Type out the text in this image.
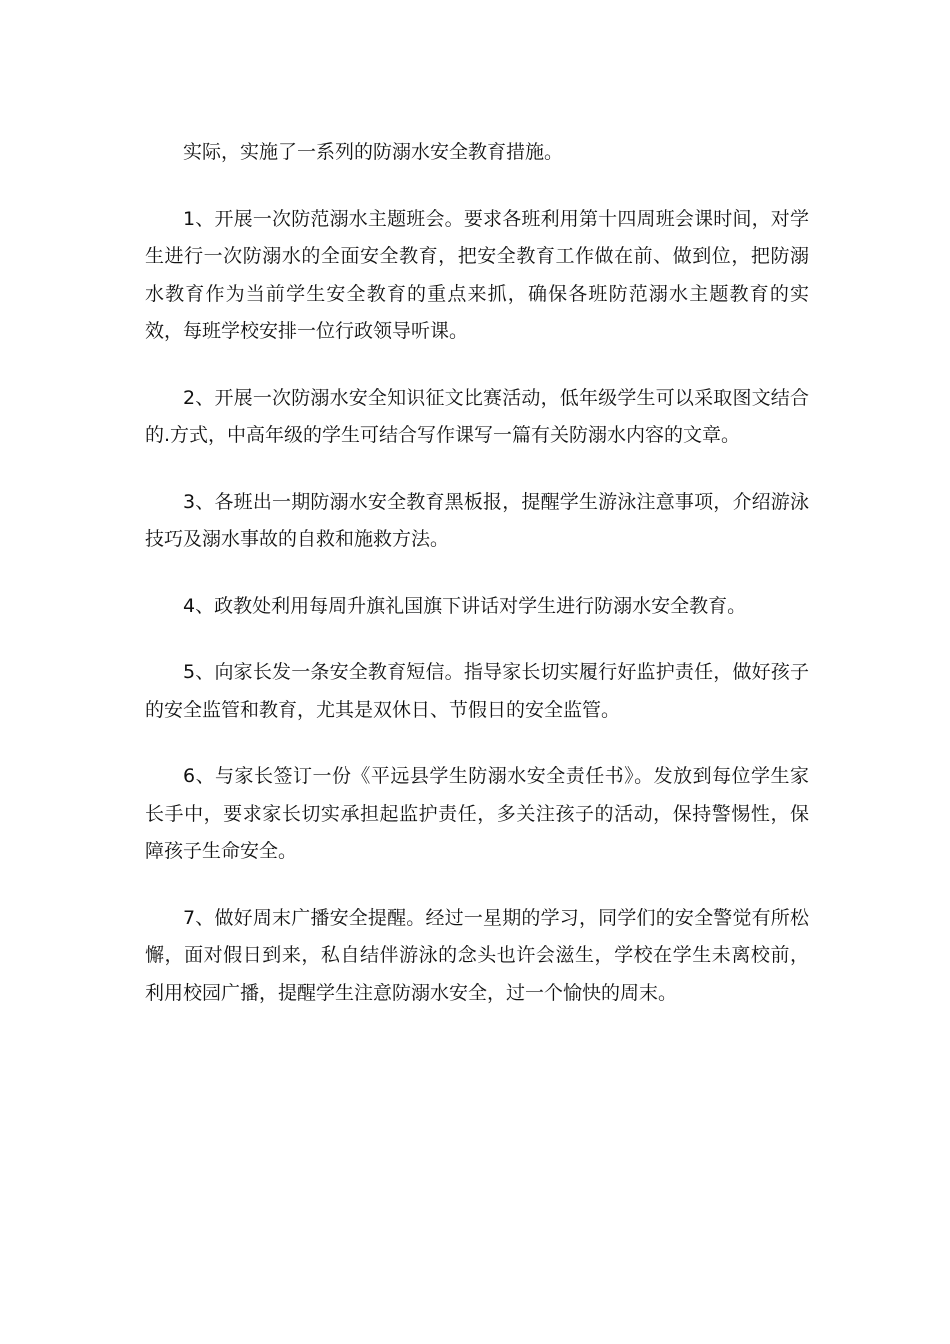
实际，实施了一系列的防溺水安全教育措施。

1、开展一次防范溺水主题班会。要求各班利用第十四周班会课时间，对学生进行一次防溺水的全面安全教育，把安全教育工作做在前、做到位，把防溺水教育作为当前学生安全教育的重点来抓，确保各班防范溺水主题教育的实效，每班学校安排一位行政领导听课。

2、开展一次防溺水安全知识征文比赛活动，低年级学生可以采取图文结合的.方式，中高年级的学生可结合写作课写一篇有关防溺水内容的文章。

3、各班出一期防溺水安全教育黑板报，提醒学生游泳注意事项，介绍游泳技巧及溺水事故的自救和施救方法。

4、政教处利用每周升旗礼国旗下讲话对学生进行防溺水安全教育。

5、向家长发一条安全教育短信。指导家长切实履行好监护责任，做好孩子的安全监管和教育，尤其是双休日、节假日的安全监管。

6、与家长签订一份《平远县学生防溺水安全责任书》。发放到每位学生家长手中，要求家长切实承担起监护责任，多关注孩子的活动，保持警惕性，保障孩子生命安全。

7、做好周末广播安全提醒。经过一星期的学习，同学们的安全警觉有所松懈，面对假日到来，私自结伴游泳的念头也许会滋生，学校在学生未离校前，利用校园广播，提醒学生注意防溺水安全，过一个愉快的周末。
